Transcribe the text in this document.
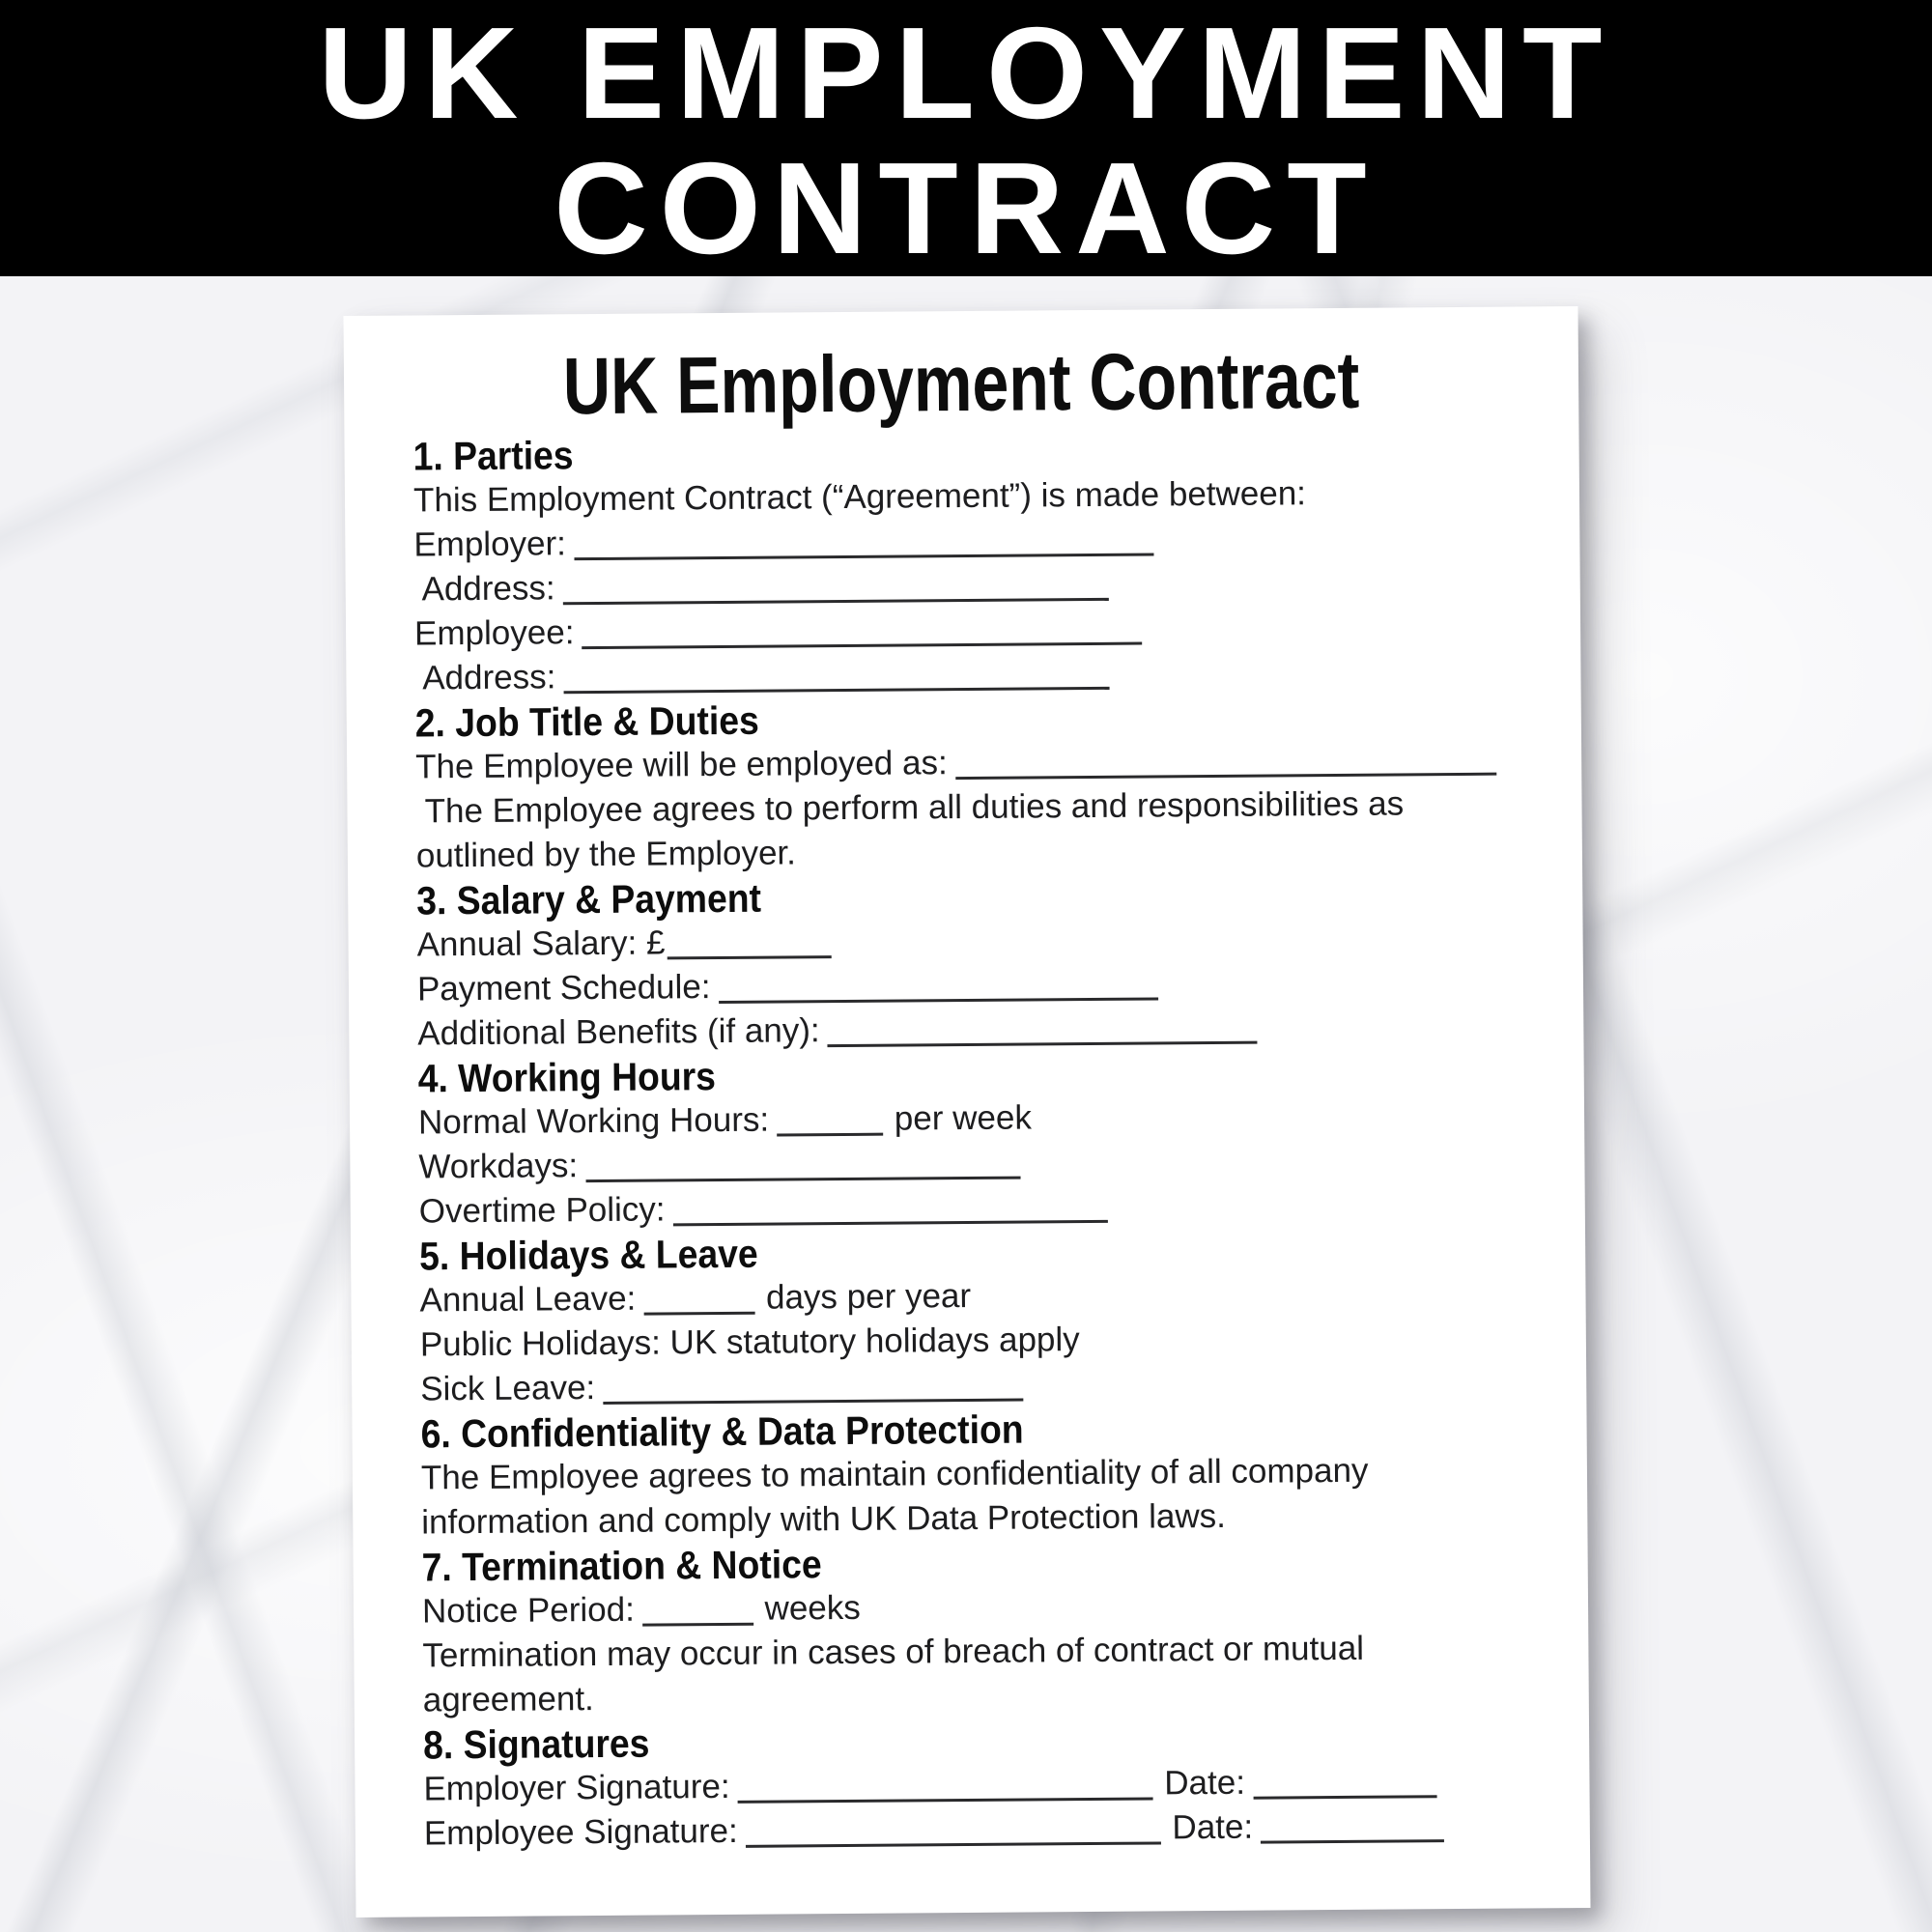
UK EMPLOYMENT
CONTRACT
UK Employment Contract
1. Parties
This Employment Contract (“Agreement”) is made between:
Employer:
Address:
Employee:
Address:
2. Job Title & Duties
The Employee will be employed as:
The Employee agrees to perform all duties and responsibilities as
outlined by the Employer.
3. Salary & Payment
Annual Salary: £
Payment Schedule:
Additional Benefits (if any):
4. Working Hours
Normal Working Hours:	per week
Workdays:
Overtime Policy:
5. Holidays & Leave
Annual Leave:	days per year
Public Holidays: UK statutory holidays apply
Sick Leave:
6. Confidentiality & Data Protection
The Employee agrees to maintain confidentiality of all company
information and comply with UK Data Protection laws.
7. Termination & Notice
Notice Period:	weeks
Termination may occur in cases of breach of contract or mutual
agreement.
8. Signatures
Employer Signature:	Date:
Employee Signature:	Date:
